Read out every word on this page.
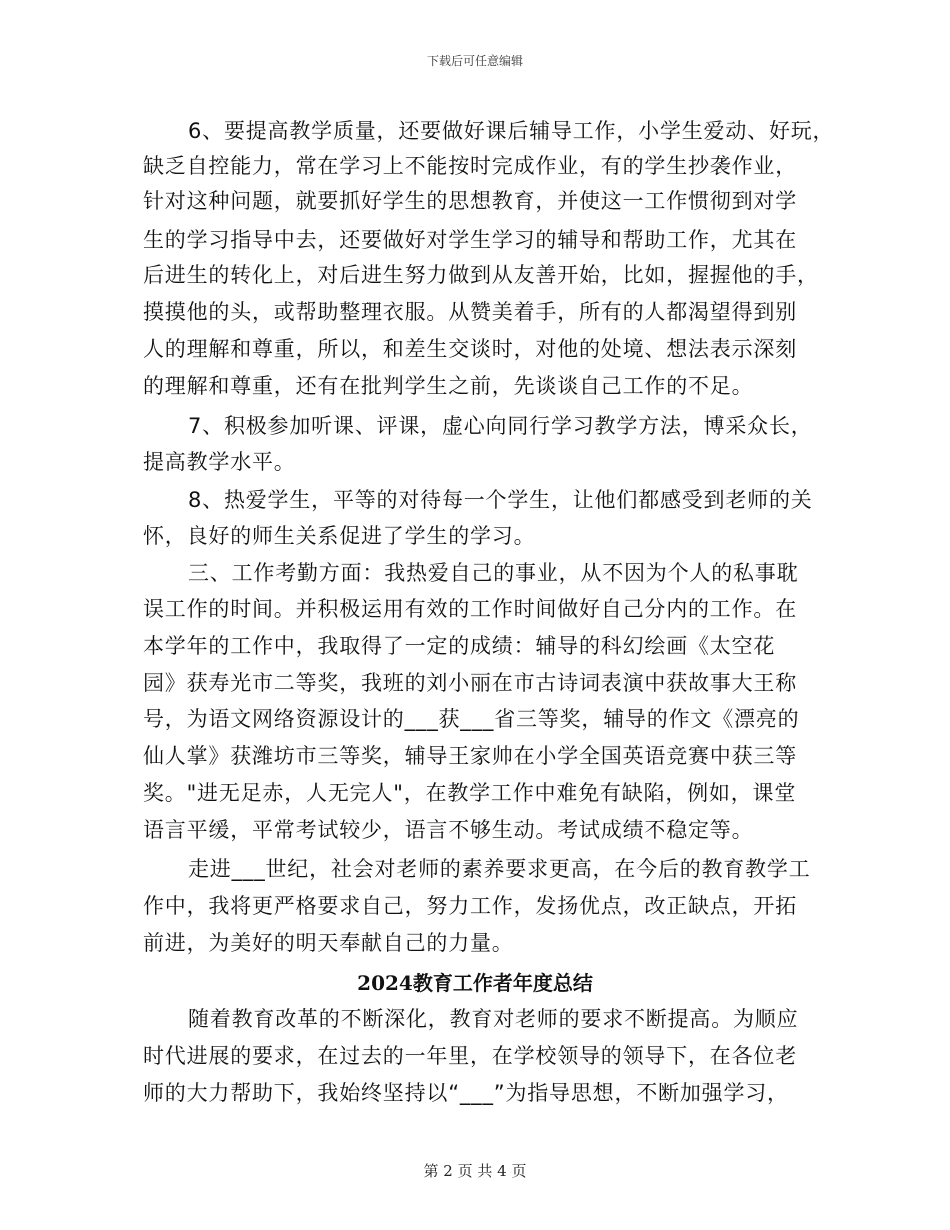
下载后可任意编辑
6、要提高教学质量，还要做好课后辅导工作，小学生爱动、好玩，
缺乏自控能力，常在学习上不能按时完成作业，有的学生抄袭作业，
针对这种问题，就要抓好学生的思想教育，并使这一工作惯彻到对学
生的学习指导中去，还要做好对学生学习的辅导和帮助工作，尤其在
后进生的转化上，对后进生努力做到从友善开始，比如，握握他的手，
摸摸他的头，或帮助整理衣服。从赞美着手，所有的人都渴望得到别
人的理解和尊重，所以，和差生交谈时，对他的处境、想法表示深刻
的理解和尊重，还有在批判学生之前，先谈谈自己工作的不足。
7、积极参加听课、评课，虚心向同行学习教学方法，博采众长，
提高教学水平。
8、热爱学生，平等的对待每一个学生，让他们都感受到老师的关
怀，良好的师生关系促进了学生的学习。
三、工作考勤方面：我热爱自己的事业，从不因为个人的私事耽
误工作的时间。并积极运用有效的工作时间做好自己分内的工作。在
本学年的工作中，我取得了一定的成绩：辅导的科幻绘画《太空花
园》获寿光市二等奖，我班的刘小丽在市古诗词表演中获故事大王称
号，为语文网络资源设计的___获___省三等奖，辅导的作文《漂亮的
仙人掌》获潍坊市三等奖，辅导王家帅在小学全国英语竞赛中获三等
奖。"进无足赤，人无完人"，在教学工作中难免有缺陷，例如，课堂
语言平缓，平常考试较少，语言不够生动。考试成绩不稳定等。
走进___世纪，社会对老师的素养要求更高，在今后的教育教学工
作中，我将更严格要求自己，努力工作，发扬优点，改正缺点，开拓
前进，为美好的明天奉献自己的力量。
2024教育工作者年度总结
随着教育改革的不断深化，教育对老师的要求不断提高。为顺应
时代进展的要求，在过去的一年里，在学校领导的领导下，在各位老
师的大力帮助下，我始终坚持以“___”为指导思想，不断加强学习，
第 2 页 共 4 页
